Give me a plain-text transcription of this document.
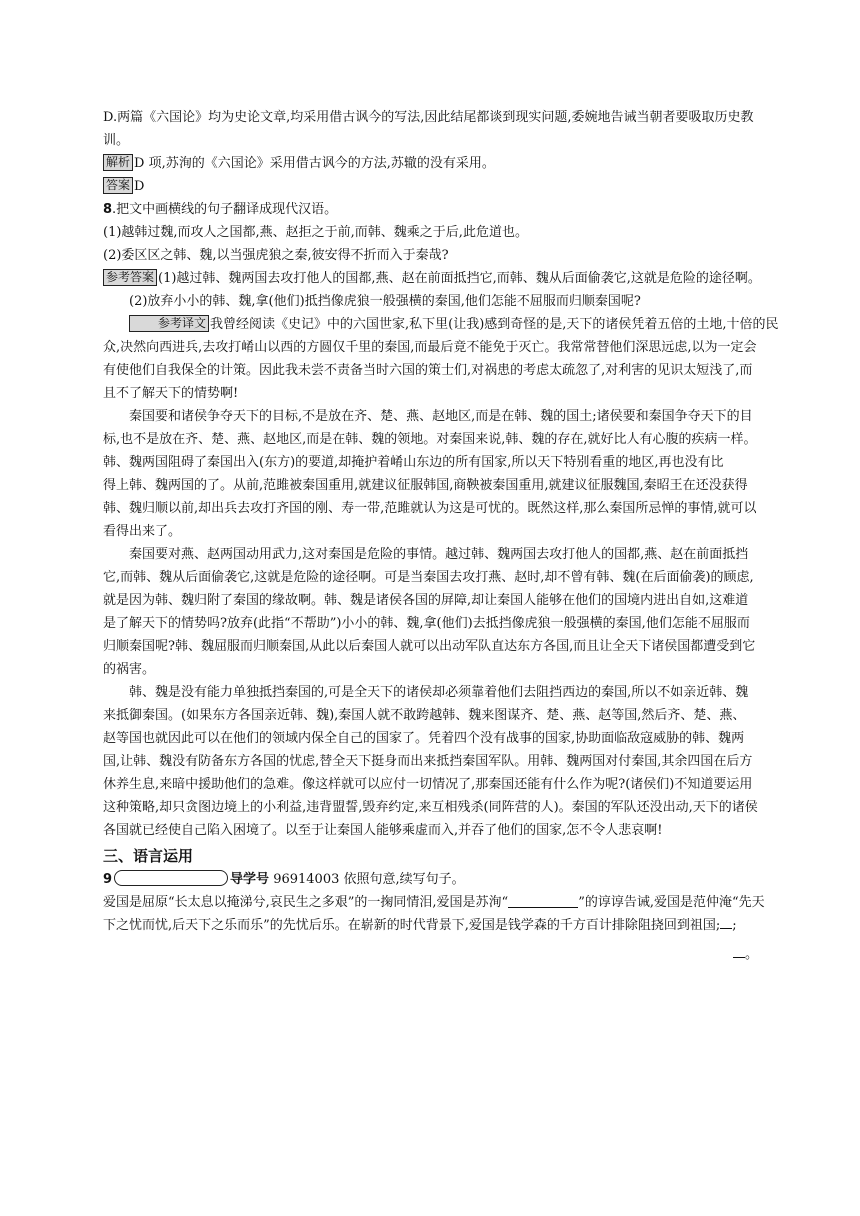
D.两篇《六国论》均为史论文章,均采用借古讽今的写法,因此结尾都谈到现实问题,委婉地告诫当朝者要吸取历史教

训。

解析 D 项,苏洵的《六国论》采用借古讽今的方法,苏辙的没有采用。

答案 D

8.把文中画横线的句子翻译成现代汉语。

(1)越韩过魏,而攻人之国都,燕、赵拒之于前,而韩、魏乘之于后,此危道也。

(2)委区区之韩、魏,以当强虎狼之秦,彼安得不折而入于秦哉?

参考答案 (1)越过韩、魏两国去攻打他人的国都,燕、赵在前面抵挡它,而韩、魏从后面偷袭它,这就是危险的途径啊。

(2)放弃小小的韩、魏,拿(他们)抵挡像虎狼一般强横的秦国,他们怎能不屈服而归顺秦国呢?

参考译文 我曾经阅读《史记》中的六国世家,私下里(让我)感到奇怪的是,天下的诸侯凭着五倍的土地,十倍的民

众,决然向西进兵,去攻打崤山以西的方圆仅千里的秦国,而最后竟不能免于灭亡。我常常替他们深思远虑,以为一定会

有使他们自我保全的计策。因此我未尝不责备当时六国的策士们,对祸患的考虑太疏忽了,对利害的见识太短浅了,而

且不了解天下的情势啊!

秦国要和诸侯争夺天下的目标,不是放在齐、楚、燕、赵地区,而是在韩、魏的国土;诸侯要和秦国争夺天下的目

标,也不是放在齐、楚、燕、赵地区,而是在韩、魏的领地。对秦国来说,韩、魏的存在,就好比人有心腹的疾病一样。

韩、魏两国阻碍了秦国出入(东方)的要道,却掩护着崤山东边的所有国家,所以天下特别看重的地区,再也没有比

得上韩、魏两国的了。从前,范雎被秦国重用,就建议征服韩国,商鞅被秦国重用,就建议征服魏国,秦昭王在还没获得

韩、魏归顺以前,却出兵去攻打齐国的刚、寿一带,范雎就认为这是可忧的。既然这样,那么秦国所忌惮的事情,就可以

看得出来了。

秦国要对燕、赵两国动用武力,这对秦国是危险的事情。越过韩、魏两国去攻打他人的国都,燕、赵在前面抵挡

它,而韩、魏从后面偷袭它,这就是危险的途径啊。可是当秦国去攻打燕、赵时,却不曾有韩、魏(在后面偷袭)的顾虑,

就是因为韩、魏归附了秦国的缘故啊。韩、魏是诸侯各国的屏障,却让秦国人能够在他们的国境内进出自如,这难道

是了解天下的情势吗?放弃(此指“不帮助”)小小的韩、魏,拿(他们)去抵挡像虎狼一般强横的秦国,他们怎能不屈服而

归顺秦国呢?韩、魏屈服而归顺秦国,从此以后秦国人就可以出动军队直达东方各国,而且让全天下诸侯国都遭受到它

的祸害。

韩、魏是没有能力单独抵挡秦国的,可是全天下的诸侯却必须靠着他们去阻挡西边的秦国,所以不如亲近韩、魏

来抵御秦国。(如果东方各国亲近韩、魏),秦国人就不敢跨越韩、魏来图谋齐、楚、燕、赵等国,然后齐、楚、燕、

赵等国也就因此可以在他们的领域内保全自己的国家了。凭着四个没有战事的国家,协助面临敌寇威胁的韩、魏两

国,让韩、魏没有防备东方各国的忧虑,替全天下挺身而出来抵挡秦国军队。用韩、魏两国对付秦国,其余四国在后方

休养生息,来暗中援助他们的急难。像这样就可以应付一切情况了,那秦国还能有什么作为呢?(诸侯们)不知道要运用

这种策略,却只贪图边境上的小利益,违背盟誓,毁弃约定,来互相残杀(同阵营的人)。秦国的军队还没出动,天下的诸侯

各国就已经使自己陷入困境了。以至于让秦国人能够乘虚而入,并吞了他们的国家,怎不令人悲哀啊!

三、语言运用

9	导学号 96914003 依照句意,续写句子。

爱国是屈原“长太息以掩涕兮,哀民生之多艰”的一掬同情泪,爱国是苏洵“	”的谆谆告诫,爱国是范仲淹“先天

下之忧而忧,后天下之乐而乐”的先忧后乐。在崭新的时代背景下,爱国是钱学森的千方百计排除阻挠回到祖国; ;

。
